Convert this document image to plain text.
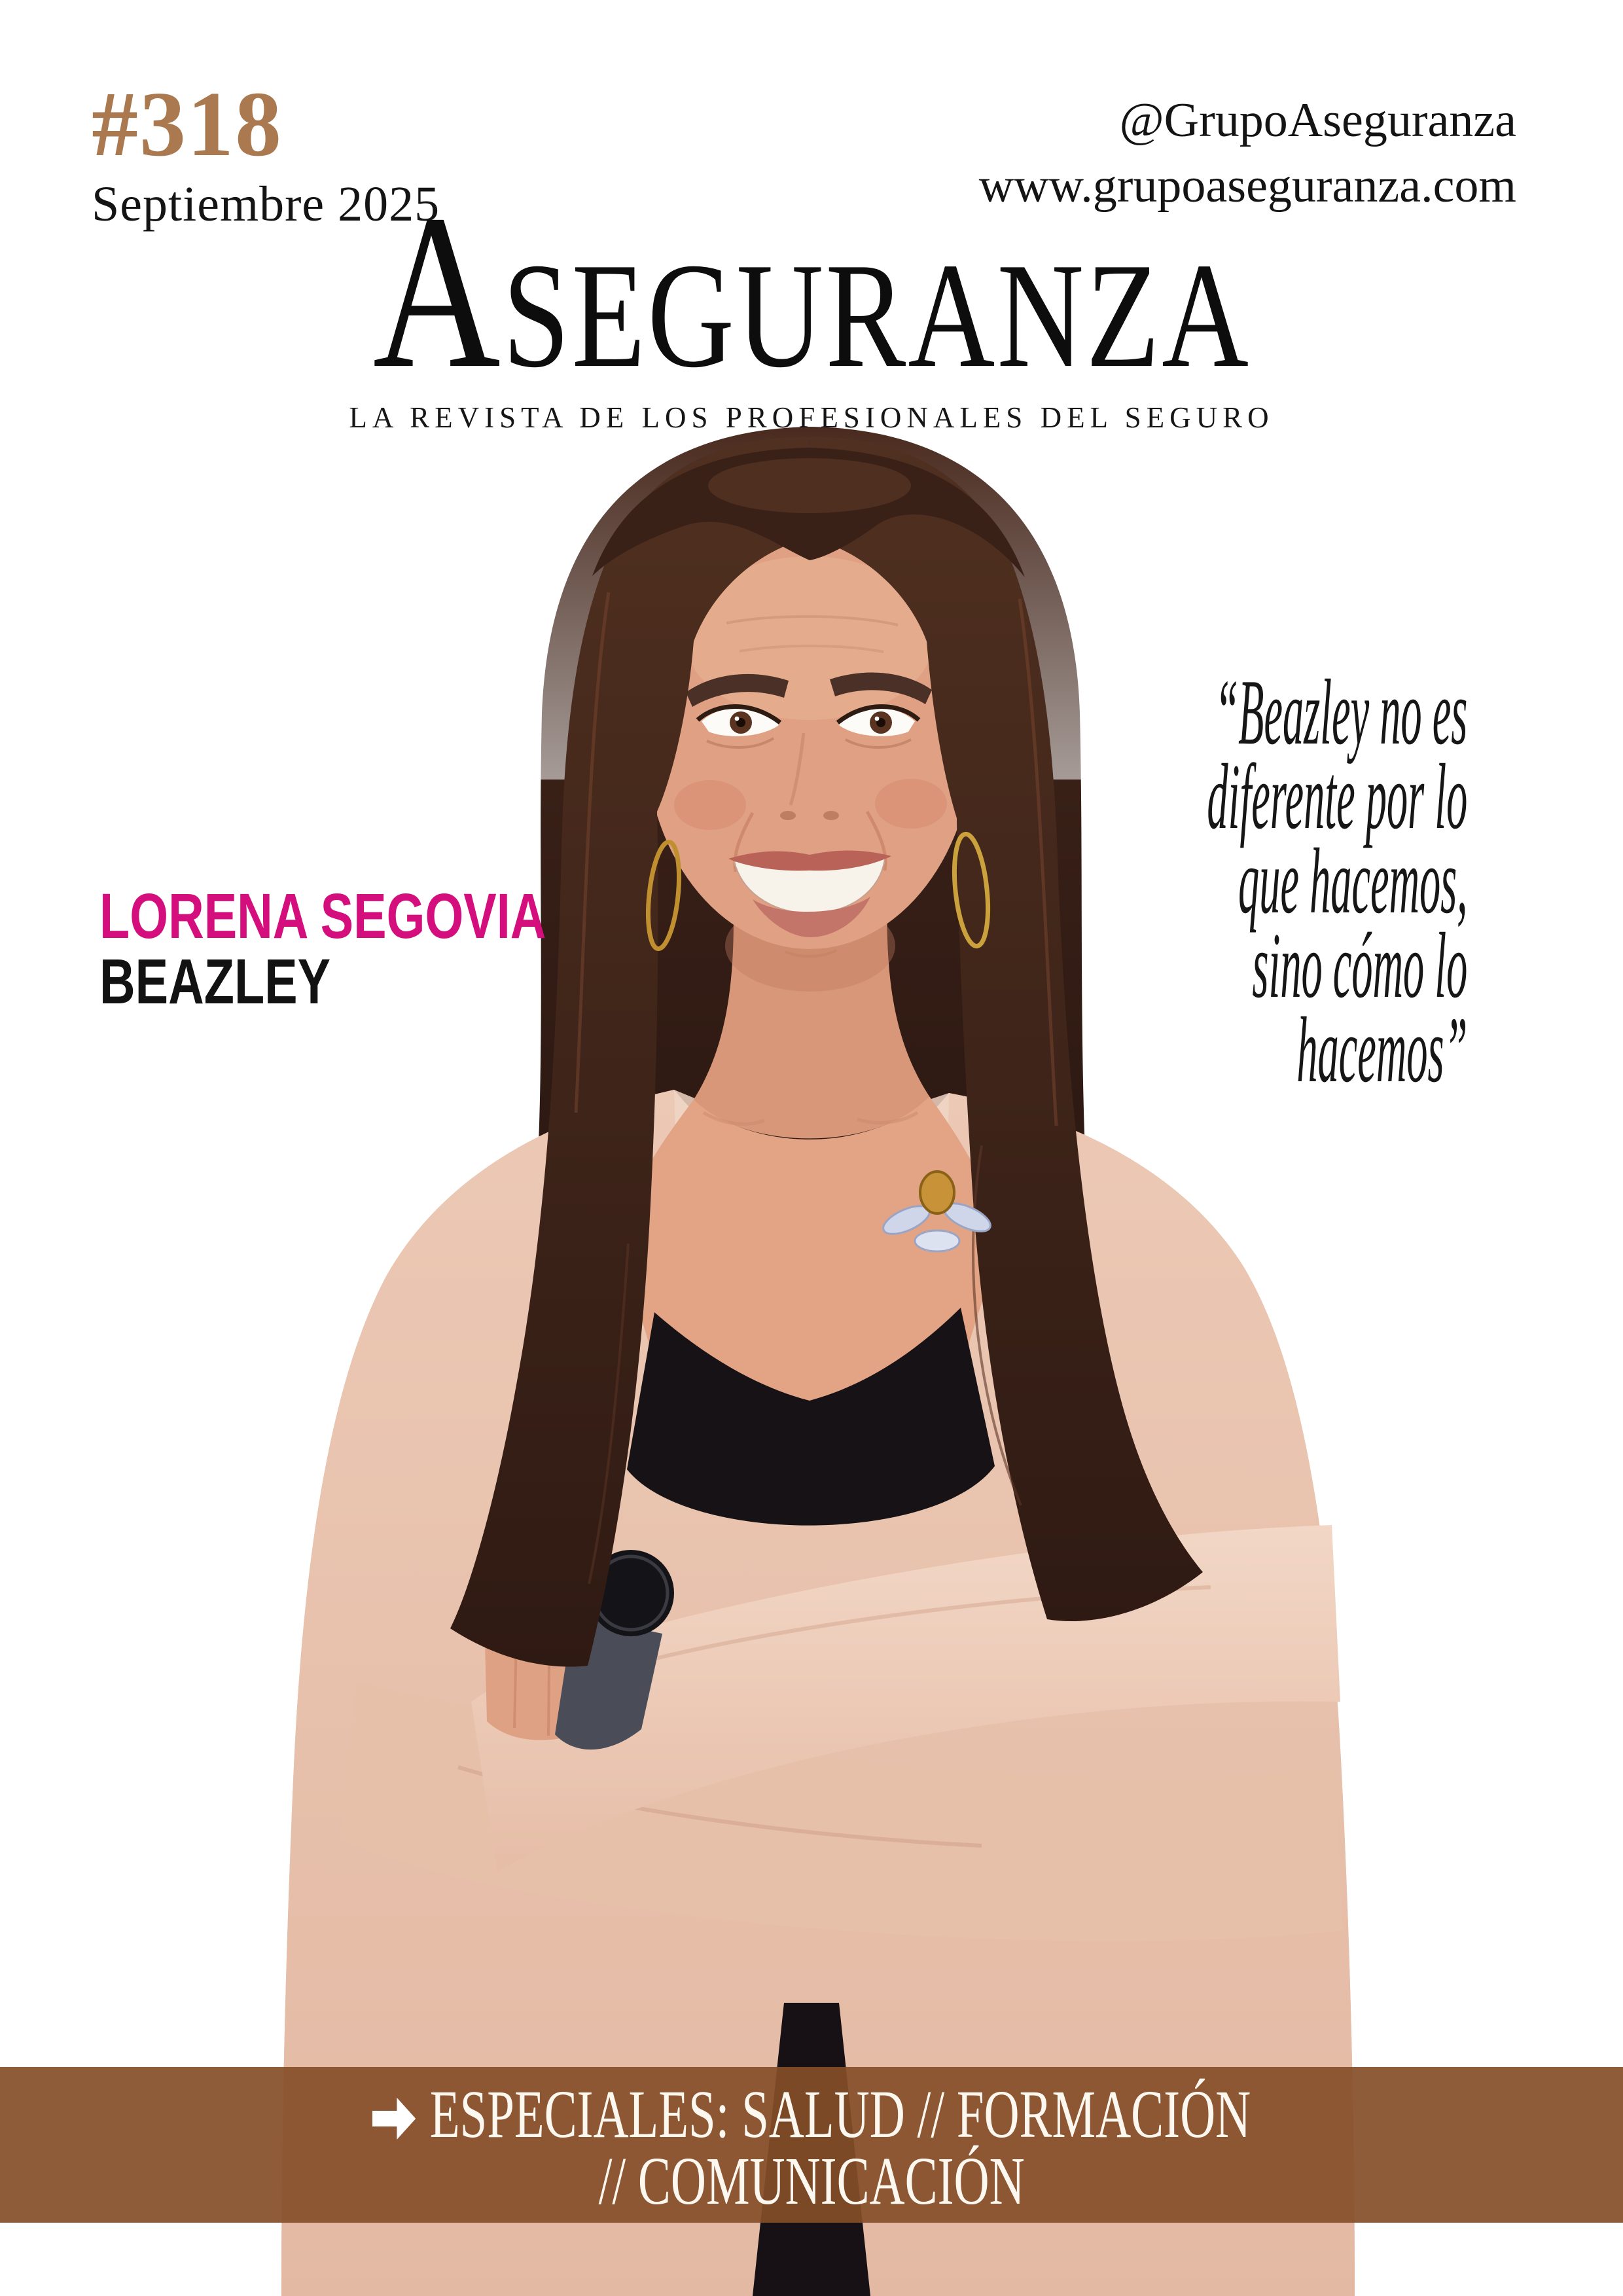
#318
Septiembre 2025
@GrupoAseguranza
www.grupoaseguranza.com
ASEGURANZA
LA REVISTA DE LOS PROFESIONALES DEL SEGURO
LORENA SEGOVIA
BEAZLEY
“Beazley no es
diferente por lo
que hacemos,
sino cómo lo
hacemos”
ESPECIALES: SALUD // FORMACIÓN
// COMUNICACIÓN
